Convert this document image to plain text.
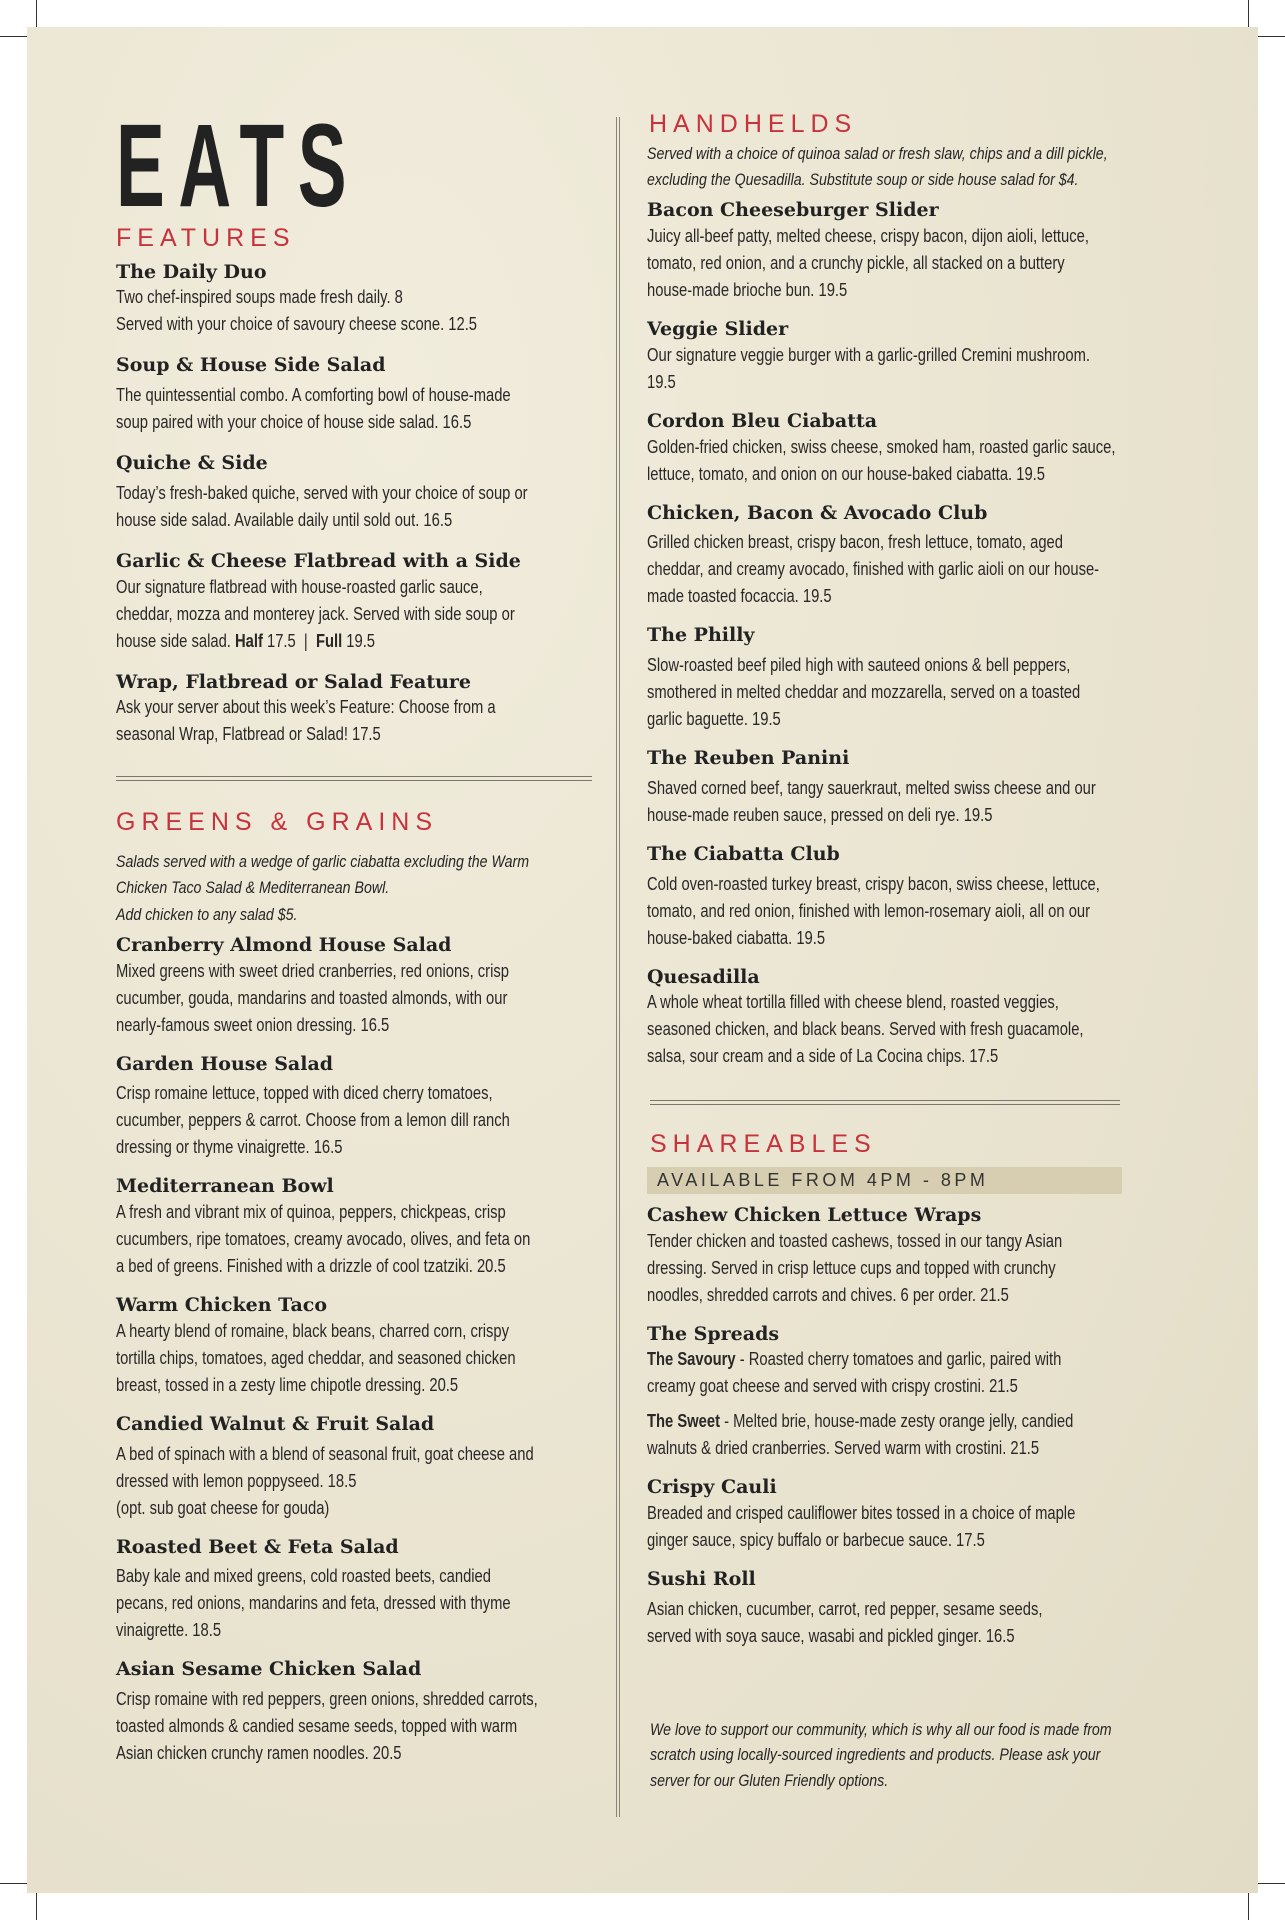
EATS
FEATURES
The Daily Duo
Two chef-inspired soups made fresh daily. 8
Served with your choice of savoury cheese scone. 12.5
Soup & House Side Salad
The quintessential combo. A comforting bowl of house-made
soup paired with your choice of house side salad. 16.5
Quiche & Side
Today’s fresh-baked quiche, served with your choice of soup or
house side salad. Available daily until sold out. 16.5
Garlic & Cheese Flatbread with a Side
Our signature flatbread with house-roasted garlic sauce,
cheddar, mozza and monterey jack. Served with side soup or
house side salad. Half 17.5  |  Full 19.5
Wrap, Flatbread or Salad Feature
Ask your server about this week’s Feature: Choose from a
seasonal Wrap, Flatbread or Salad! 17.5
GREENS & GRAINS
Salads served with a wedge of garlic ciabatta excluding the Warm
Chicken Taco Salad & Mediterranean Bowl.
Add chicken to any salad $5.
Cranberry Almond House Salad
Mixed greens with sweet dried cranberries, red onions, crisp
cucumber, gouda, mandarins and toasted almonds, with our
nearly-famous sweet onion dressing. 16.5
Garden House Salad
Crisp romaine lettuce, topped with diced cherry tomatoes,
cucumber, peppers & carrot. Choose from a lemon dill ranch
dressing or thyme vinaigrette. 16.5
Mediterranean Bowl
A fresh and vibrant mix of quinoa, peppers, chickpeas, crisp
cucumbers, ripe tomatoes, creamy avocado, olives, and feta on
a bed of greens. Finished with a drizzle of cool tzatziki. 20.5
Warm Chicken Taco
A hearty blend of romaine, black beans, charred corn, crispy
tortilla chips, tomatoes, aged cheddar, and seasoned chicken
breast, tossed in a zesty lime chipotle dressing. 20.5
Candied Walnut & Fruit Salad
A bed of spinach with a blend of seasonal fruit, goat cheese and
dressed with lemon poppyseed. 18.5
(opt. sub goat cheese for gouda)
Roasted Beet & Feta Salad
Baby kale and mixed greens, cold roasted beets, candied
pecans, red onions, mandarins and feta, dressed with thyme
vinaigrette. 18.5
Asian Sesame Chicken Salad
Crisp romaine with red peppers, green onions, shredded carrots,
toasted almonds & candied sesame seeds, topped with warm
Asian chicken crunchy ramen noodles. 20.5
HANDHELDS
Served with a choice of quinoa salad or fresh slaw, chips and a dill pickle,
excluding the Quesadilla. Substitute soup or side house salad for $4.
Bacon Cheeseburger Slider
Juicy all-beef patty, melted cheese, crispy bacon, dijon aioli, lettuce,
tomato, red onion, and a crunchy pickle, all stacked on a buttery
house-made brioche bun. 19.5
Veggie Slider
Our signature veggie burger with a garlic-grilled Cremini mushroom.
19.5
Cordon Bleu Ciabatta
Golden-fried chicken, swiss cheese, smoked ham, roasted garlic sauce,
lettuce, tomato, and onion on our house-baked ciabatta. 19.5
Chicken, Bacon & Avocado Club
Grilled chicken breast, crispy bacon, fresh lettuce, tomato, aged
cheddar, and creamy avocado, finished with garlic aioli on our house-
made toasted focaccia. 19.5
The Philly
Slow-roasted beef piled high with sauteed onions & bell peppers,
smothered in melted cheddar and mozzarella, served on a toasted
garlic baguette. 19.5
The Reuben Panini
Shaved corned beef, tangy sauerkraut, melted swiss cheese and our
house-made reuben sauce, pressed on deli rye. 19.5
The Ciabatta Club
Cold oven-roasted turkey breast, crispy bacon, swiss cheese, lettuce,
tomato, and red onion, finished with lemon-rosemary aioli, all on our
house-baked ciabatta. 19.5
Quesadilla
A whole wheat tortilla filled with cheese blend, roasted veggies,
seasoned chicken, and black beans. Served with fresh guacamole,
salsa, sour cream and a side of La Cocina chips. 17.5
SHAREABLES
AVAILABLE FROM 4PM - 8PM
Cashew Chicken Lettuce Wraps
Tender chicken and toasted cashews, tossed in our tangy Asian
dressing. Served in crisp lettuce cups and topped with crunchy
noodles, shredded carrots and chives. 6 per order. 21.5
The Spreads
The Savoury - Roasted cherry tomatoes and garlic, paired with
creamy goat cheese and served with crispy crostini. 21.5
The Sweet - Melted brie, house-made zesty orange jelly, candied
walnuts & dried cranberries. Served warm with crostini. 21.5
Crispy Cauli
Breaded and crisped cauliflower bites tossed in a choice of maple
ginger sauce, spicy buffalo or barbecue sauce. 17.5
Sushi Roll
Asian chicken, cucumber, carrot, red pepper, sesame seeds,
served with soya sauce, wasabi and pickled ginger. 16.5
We love to support our community, which is why all our food is made from
scratch using locally-sourced ingredients and products. Please ask your
server for our Gluten Friendly options.
